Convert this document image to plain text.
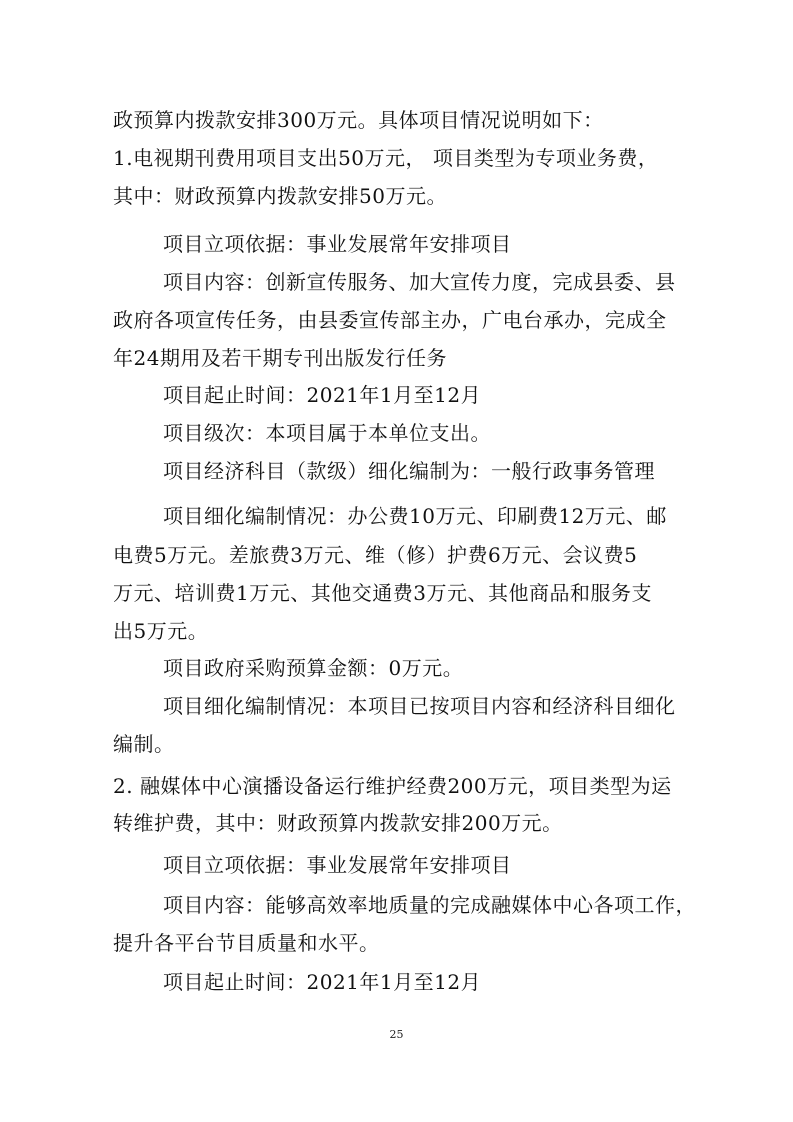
政预算内拨款安排300万元。具体项目情况说明如下：
1.电视期刊费用项目支出50万元， 项目类型为专项业务费，
其中：财政预算内拨款安排50万元。
项目立项依据：事业发展常年安排项目
项目内容：创新宣传服务、加大宣传力度，完成县委、县
政府各项宣传任务，由县委宣传部主办，广电台承办，完成全
年24期用及若干期专刊出版发行任务
项目起止时间：2021年1月至12月
项目级次：本项目属于本单位支出。
项目经济科目（款级）细化编制为：一般行政事务管理
项目细化编制情况：办公费10万元、印刷费12万元、邮
电费5万元。差旅费3万元、维（修）护费6万元、会议费5
万元、培训费1万元、其他交通费3万元、其他商品和服务支
出5万元。
项目政府采购预算金额：0万元。
项目细化编制情况：本项目已按项目内容和经济科目细化
编制。
2. 融媒体中心演播设备运行维护经费200万元，项目类型为运
转维护费，其中：财政预算内拨款安排200万元。
项目立项依据：事业发展常年安排项目
项目内容：能够高效率地质量的完成融媒体中心各项工作，
提升各平台节目质量和水平。
项目起止时间：2021年1月至12月
25
